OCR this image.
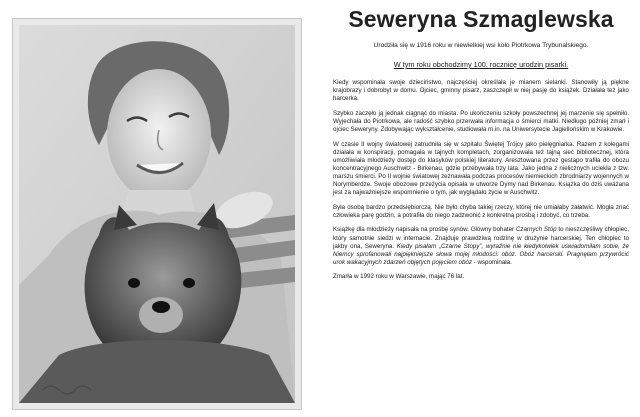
Seweryna Szmaglewska

Urodziła się w 1916 roku w niewielkiej wsi koło Piotrkowa Trybunalskiego.

W tym roku obchodzimy 100. rocznicę urodzin pisarki.

Kiedy wspominała swoje dzieciństwo, najczęściej określała je mianem sielanki. Stanowiły ją piękne krajobrazy i dobrobyt w domu. Ojciec, gminny pisarz, zaszczepił w niej pasję do książek. Działała też jako harcerka.

Szybko zaczęło ją jednak ciągnąć do miasta. Po ukończeniu szkoły powszechnej jej marzenie się spełniło. Wyjechała do Piotrkowa, ale radość szybko przerwała informacja o śmierci matki. Niedługo później zmarł i ojciec Seweryny. Zdobywając wykształcenie, studiowała m.in. na Uniwersytecie Jagiellońskim w Krakowie.

W czasie II wojny światowej zatrudniła się w szpitalu Świętej Trójcy jako pielęgniarka. Razem z kolegami działała w konspiracji, pomagała w tajnych kompletach, zorganizowała też tajną sieć bibliotecznej, która umożliwiała młodzieży dostęp do klasyków polskiej literatury. Aresztowana przez gestapo trafiła do obozu koncentracyjnego Auschwitz - Birkenau, gdzie przebywała trzy lata. Jako jedna z nielicznych uciekła z tzw. marszu śmierci. Po II wojnie światowej zeznawała podczas procesów niemieckich zbrodniarzy wojennych w Norymberdze. Swoje obozowe przeżycia opisała w utworze Dymy nad Birkenau. Książka do dziś uważana jest za najważniejsze wspomnienie o tym, jak wyglądało życie w Auschwitz.

Była osobą bardzo przedsiębiorczą. Nie było chyba takiej rzeczy, której nie umiałaby załatwić. Mogła znać człowieka parę godzin, a potrafiła do niego zadzwonić z konkretną prośbą i zdobyć, co trzeba.

Książkę dla młodzieży napisała na prośbę synów. Główny bohater Czarnych Stóp to nieszczęśliwy chłopiec, który samotnie siedzi w internacie. Znajduje prawdziwą rodzinę w drużynie harcerskiej. Ten chłopiec to jakby ona, Seweryna. Kiedy pisałam „Czarne Stopy”, wyraźnie nie kiedykolwiek uświadomiłam sobie, że Niemcy sprofanowali najpiękniejsze słowa mojej młodości: obóz. Obóz harcerski. Pragnęłam przywrócić urok wakacyjnych zdarzeń objętych pojęciem obóz - wspominała.

Zmarła w 1992 roku w Warszawie, mając 76 lat.
